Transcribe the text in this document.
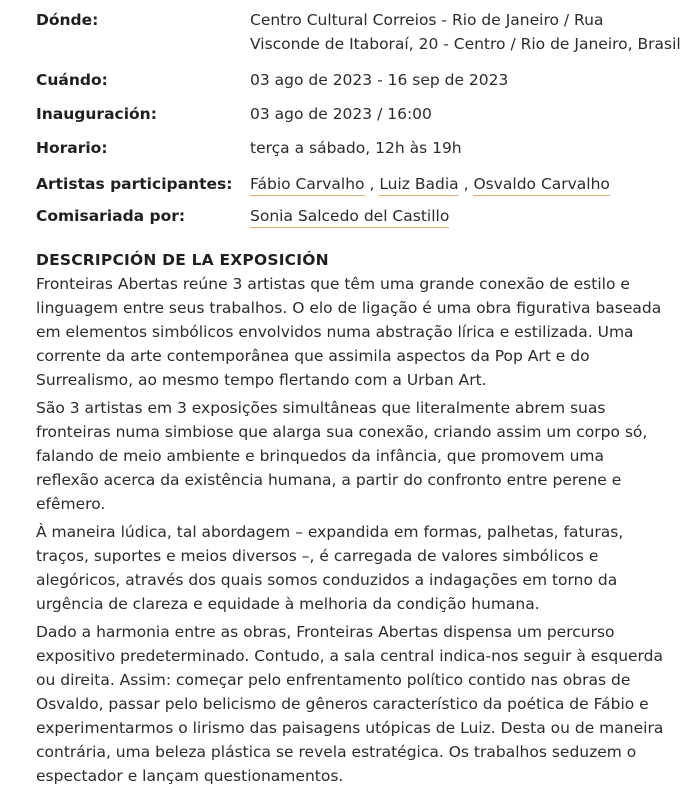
Dónde:	Centro Cultural Correios - Rio de Janeiro / Rua
Visconde de Itaboraí, 20 - Centro / Rio de Janeiro, Brasil
Cuándo:	03 ago de 2023 - 16 sep de 2023
Inauguración:	03 ago de 2023 / 16:00
Horario:	terça a sábado, 12h às 19h
Artistas participantes: Fábio Carvalho , Luiz Badia , Osvaldo Carvalho
Comisariada por:	Sonia Salcedo del Castillo
DESCRIPCIÓN DE LA EXPOSICIÓN

Fronteiras Abertas reúne 3 artistas que têm uma grande conexão de estilo e linguagem entre seus trabalhos. O elo de ligação é uma obra figurativa baseada em elementos simbólicos envolvidos numa abstração lírica e estilizada. Uma corrente da arte contemporânea que assimila aspectos da Pop Art e do Surrealismo, ao mesmo tempo flertando com a Urban Art.

São 3 artistas em 3 exposições simultâneas que literalmente abrem suas fronteiras numa simbiose que alarga sua conexão, criando assim um corpo só, falando de meio ambiente e brinquedos da infância, que promovem uma reflexão acerca da existência humana, a partir do confronto entre perene e efêmero.

À maneira lúdica, tal abordagem – expandida em formas, palhetas, faturas, traços, suportes e meios diversos –, é carregada de valores simbólicos e alegóricos, através dos quais somos conduzidos a indagações em torno da urgência de clareza e equidade à melhoria da condição humana.

Dado a harmonia entre as obras, Fronteiras Abertas dispensa um percurso expositivo predeterminado. Contudo, a sala central indica-nos seguir à esquerda ou direita. Assim: começar pelo enfrentamento político contido nas obras de Osvaldo, passar pelo belicismo de gêneros característico da poética de Fábio e experimentarmos o lirismo das paisagens utópicas de Luiz. Desta ou de maneira contrária, uma beleza plástica se revela estratégica. Os trabalhos seduzem o espectador e lançam questionamentos.
